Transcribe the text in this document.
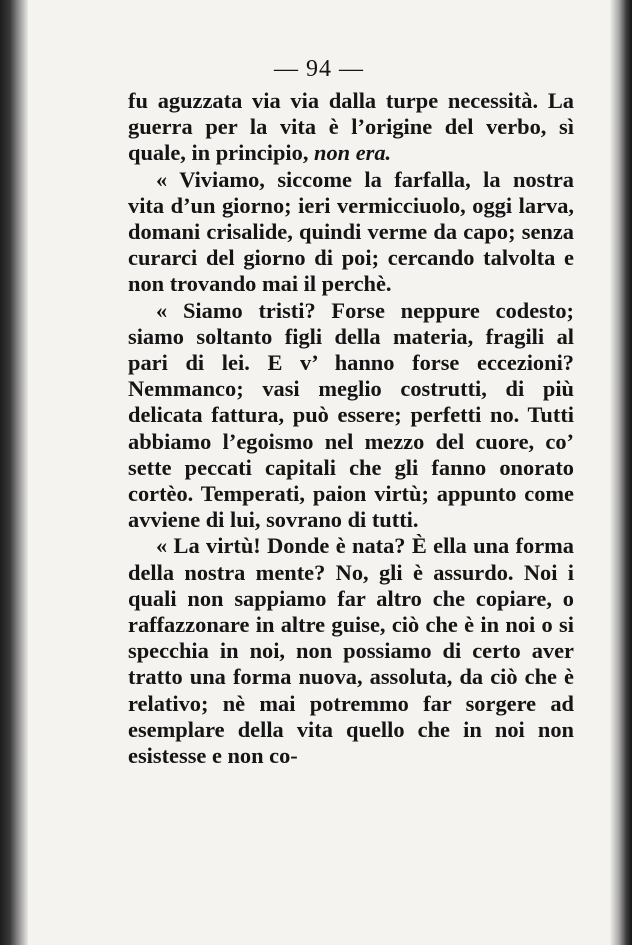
— 94 —

fu aguzzata via via dalla turpe necessità. La guerra per la vita è l’origine del verbo, sì quale, in principio, non era.

« Viviamo, siccome la farfalla, la nostra vita d’un giorno; ieri vermicciuolo, oggi larva, domani crisalide, quindi verme da capo; senza curarci del giorno di poi; cercando talvolta e non trovando mai il perchè.

« Siamo tristi? Forse neppure codesto; siamo soltanto figli della materia, fragili al pari di lei. E v’ hanno forse eccezioni? Nemmanco; vasi meglio costrutti, di più delicata fattura, può essere; perfetti no. Tutti abbiamo l’egoismo nel mezzo del cuore, co’ sette peccati capitali che gli fanno onorato cortèo. Temperati, paion virtù; appunto come avviene di lui, sovrano di tutti.

« La virtù! Donde è nata? È ella una forma della nostra mente? No, gli è assurdo. Noi i quali non sappiamo far altro che copiare, o raffazzonare in altre guise, ciò che è in noi o si specchia in noi, non possiamo di certo aver tratto una forma nuova, assoluta, da ciò che è relativo; nè mai potremmo far sorgere ad esemplare della vita quello che in noi non esistesse e non co-
